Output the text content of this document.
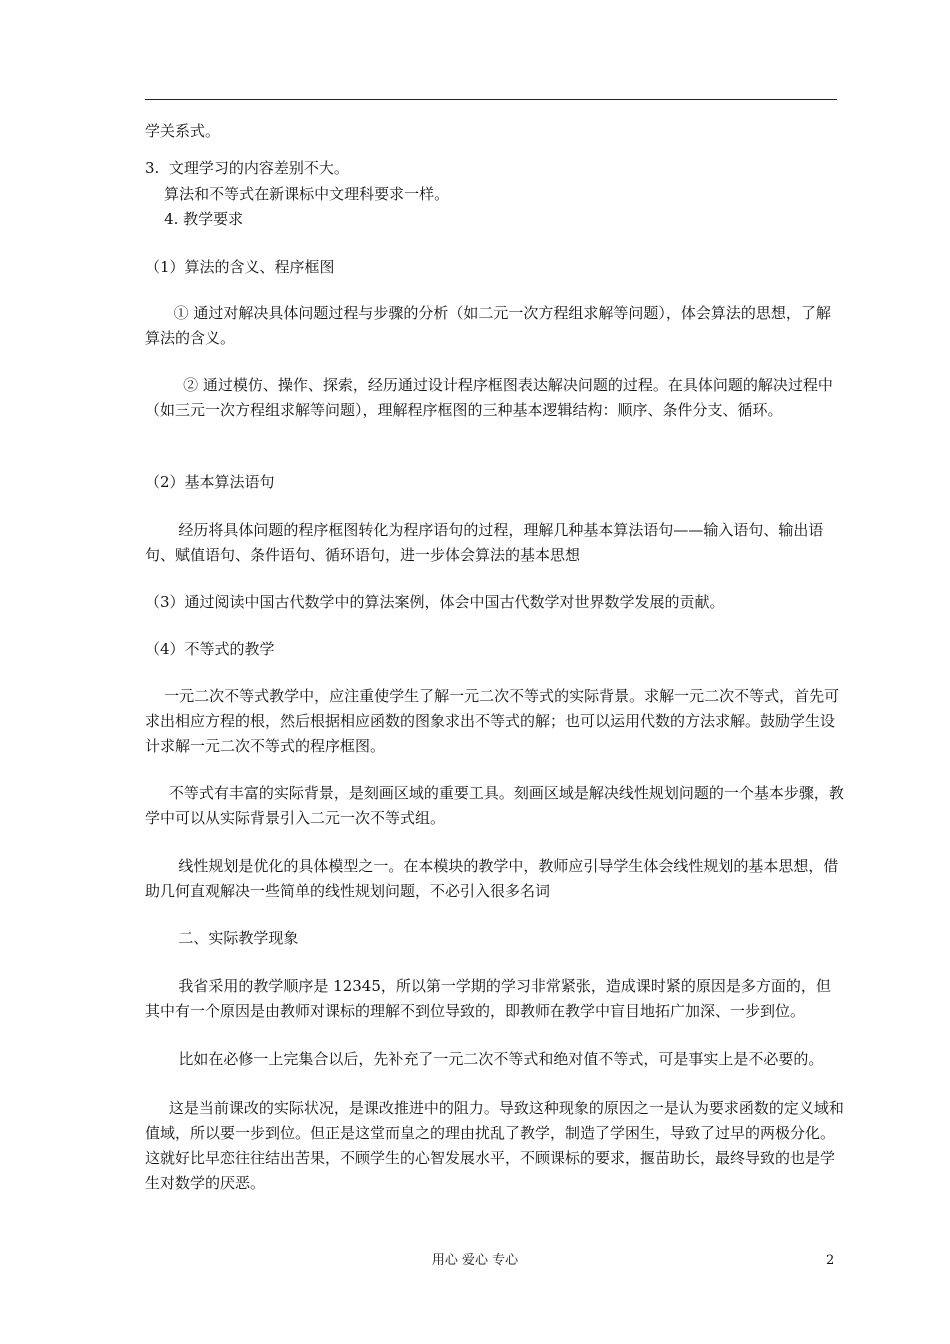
学关系式。

3.  文理学习的内容差别不大。

算法和不等式在新课标中文理科要求一样。

4. 教学要求

（1）算法的含义、程序框图

① 通过对解决具体问题过程与步骤的分析（如二元一次方程组求解等问题），体会算法的思想，了解算法的含义。

② 通过模仿、操作、探索，经历通过设计程序框图表达解决问题的过程。在具体问题的解决过程中（如三元一次方程组求解等问题），理解程序框图的三种基本逻辑结构：顺序、条件分支、循环。

（2）基本算法语句

经历将具体问题的程序框图转化为程序语句的过程，理解几种基本算法语句——输入语句、输出语句、赋值语句、条件语句、循环语句，进一步体会算法的基本思想

（3）通过阅读中国古代数学中的算法案例，体会中国古代数学对世界数学发展的贡献。

（4）不等式的教学

一元二次不等式教学中，应注重使学生了解一元二次不等式的实际背景。求解一元二次不等式，首先可求出相应方程的根，然后根据相应函数的图象求出不等式的解；也可以运用代数的方法求解。鼓励学生设计求解一元二次不等式的程序框图。

不等式有丰富的实际背景，是刻画区域的重要工具。刻画区域是解决线性规划问题的一个基本步骤，教学中可以从实际背景引入二元一次不等式组。

线性规划是优化的具体模型之一。在本模块的教学中，教师应引导学生体会线性规划的基本思想，借助几何直观解决一些简单的线性规划问题，不必引入很多名词

二、实际教学现象

我省采用的教学顺序是 12345，所以第一学期的学习非常紧张，造成课时紧的原因是多方面的，但其中有一个原因是由教师对课标的理解不到位导致的，即教师在教学中盲目地拓广加深、一步到位。

比如在必修一上完集合以后，先补充了一元二次不等式和绝对值不等式，可是事实上是不必要的。

这是当前课改的实际状况，是课改推进中的阻力。导致这种现象的原因之一是认为要求函数的定义域和值域，所以要一步到位。但正是这堂而皇之的理由扰乱了教学，制造了学困生，导致了过早的两极分化。这就好比早恋往往结出苦果，不顾学生的心智发展水平，不顾课标的要求，揠苗助长，最终导致的也是学生对数学的厌恶。

用心 爱心 专心	2
